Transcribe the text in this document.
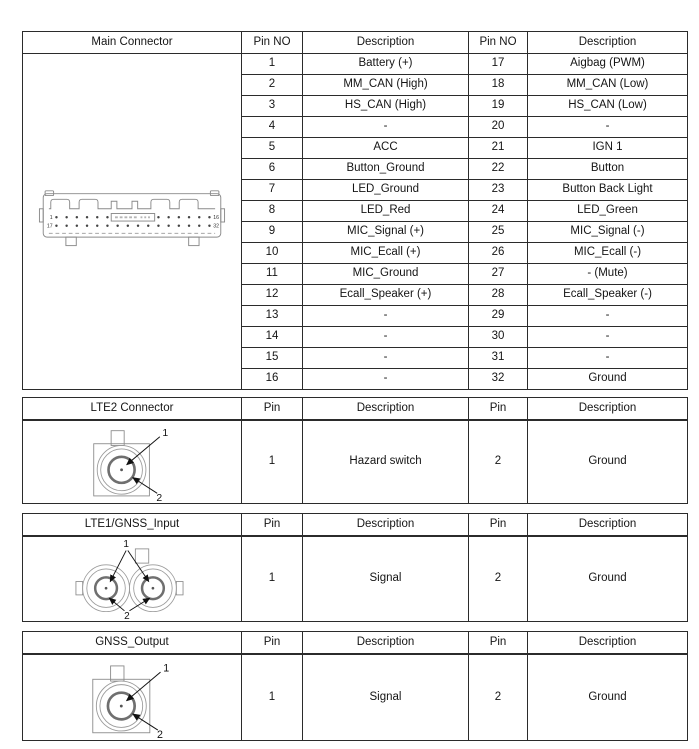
Main Connector	Pin NO	Description	Pin NO	Description

1 16
17 32	1	Battery (+)	17	Aigbag (PWM)
	2	MM_CAN (High)	18	MM_CAN (Low)
	3	HS_CAN (High)	19	HS_CAN (Low)
	4	-	20	-
	5	ACC	21	IGN 1
	6	Button_Ground	22	Button
	7	LED_Ground	23	Button Back Light
	8	LED_Red	24	LED_Green
	9	MIC_Signal (+)	25	MIC_Signal (-)
	10	MIC_Ecall (+)	26	MIC_Ecall (-)
	11	MIC_Ground	27	- (Mute)
	12	Ecall_Speaker (+)	28	Ecall_Speaker (-)
	13	-	29	-
	14	-	30	-
	15	-	31	-
	16	-	32	Ground
LTE2 Connector	Pin	Description	Pin	Description

1
2	1	Hazard switch	2	Ground
LTE1/GNSS_Input	Pin	Description	Pin	Description

1
2	1	Signal	2	Ground
GNSS_Output	Pin	Description	Pin	Description

1
2	1	Signal	2	Ground
